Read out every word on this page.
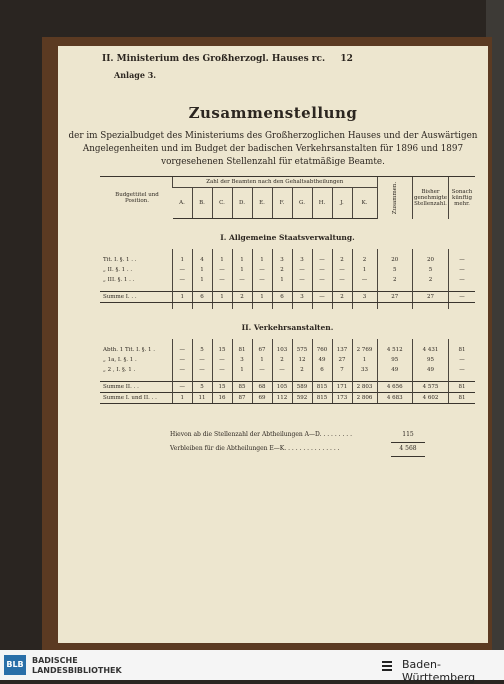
II. Ministerium des Großherzogl. Hauses rc. 12
Anlage 3.
Zusammenstellung
der im Spezialbudget des Ministeriums des Großherzoglichen Hauses und der Auswärtigen
Angelegenheiten und im Budget der badischen Verkehrsanstalten für 1896 und 1897
vorgesehenen Stellenzahl für etatmäßige Beamte.
Budgettitel und Position.	Zahl der Beamten nach den Gehaltsabtheilungen										Zusammen.	Bisher genehmigte Stellenzahl.	Sonach künftig mehr.
	A.	B.	C.	D.	E.	F.	G.	H.	J.	K.			
I. Allgemeine Staatsverwaltung.													

Tit. I. §. 1 . .	1	4	1	1	1	3	3	—	2	2	20	20	—
„ II. §. 1 . .	—	1	—	1	—	2	—	—	—	1	5	5	—
„ III. §. 1 . .	—	1	—	—	—	1	—	—	—	—	2	2	—

Summe I. . .	1	6	1	2	1	6	3	—	2	3	27	27	—

II. Verkehrsanstalten.													

Abth. 1 Tit. I. §. 1 .	—	5	15	81	67	103	575	760	137	2 769	4 512	4 431	81
„ 1a, I. §. 1 .	—	—	—	3	1	2	12	49	27	1	95	95	—
„ 2 , I. §. 1 .	—	—	—	1	—	—	2	6	7	33	49	49	—

Summe II. . .	—	5	15	85	68	105	589	815	171	2 803	4 656	4 575	81
Summe I. und II. . .	1	11	16	87	69	112	592	815	173	2 806	4 683	4 602	81
Hievon ab die Stellenzahl der Abtheilungen A—D. . . . . . . . .	115
Verbleiben für die Abtheilungen E—K. . . . . . . . . . . . . . .	4 568
BLB BADISCHE
LANDESBIBLIOTHEK	Baden-Württemberg
